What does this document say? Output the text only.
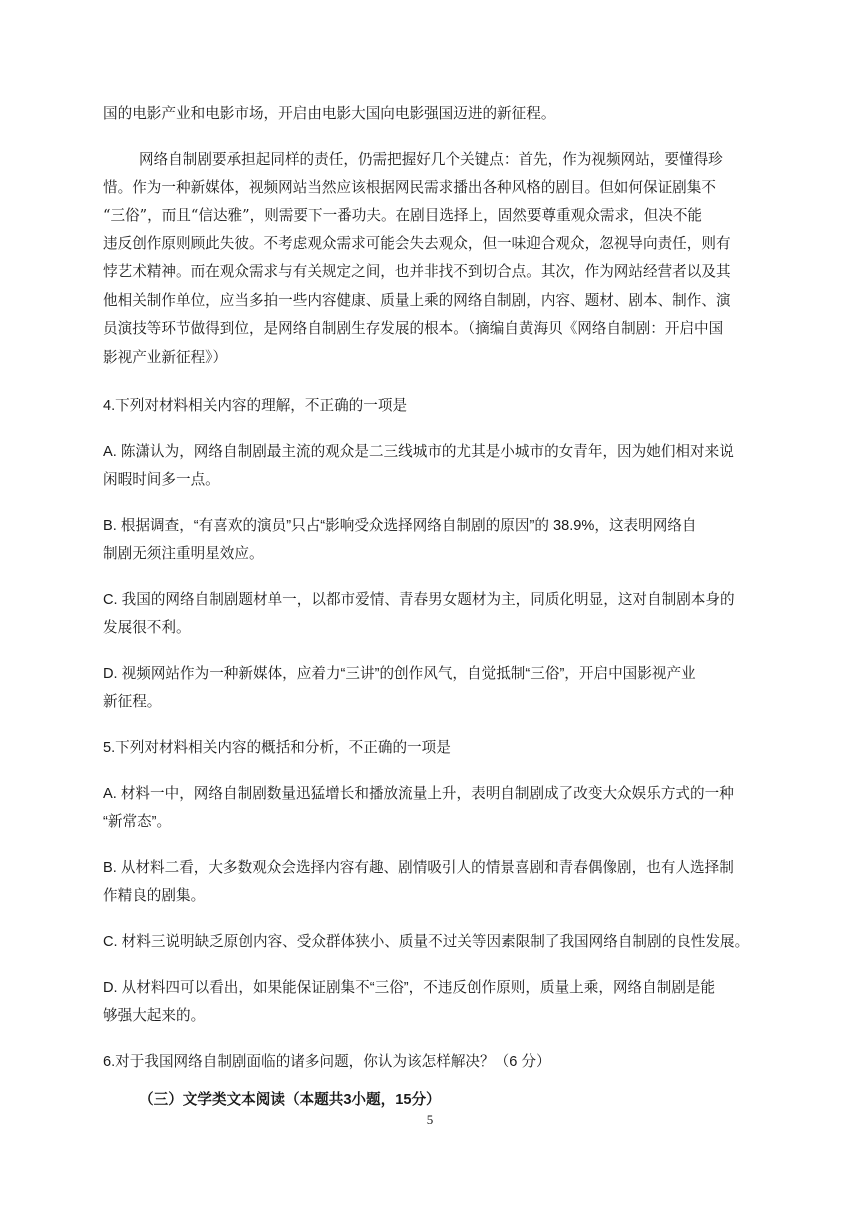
国的电影产业和电影市场，开启由电影大国向电影强国迈进的新征程。
网络自制剧要承担起同样的责任，仍需把握好几个关键点：首先，作为视频网站，要懂得珍
惜。作为一种新媒体，视频网站当然应该根据网民需求播出各种风格的剧目。但如何保证剧集不
“三俗”，而且“信达雅”，则需要下一番功夫。在剧目选择上，固然要尊重观众需求，但决不能
违反创作原则顾此失彼。不考虑观众需求可能会失去观众，但一味迎合观众，忽视导向责任，则有
悖艺术精神。而在观众需求与有关规定之间，也并非找不到切合点。其次，作为网站经营者以及其
他相关制作单位，应当多拍一些内容健康、质量上乘的网络自制剧，内容、题材、剧本、制作、演
员演技等环节做得到位，是网络自制剧生存发展的根本。（摘编自黄海贝《网络自制剧：开启中国
影视产业新征程》）
4.下列对材料相关内容的理解，不正确的一项是
A. 陈潇认为，网络自制剧最主流的观众是二三线城市的尤其是小城市的女青年，因为她们相对来说
闲暇时间多一点。
B. 根据调查，“有喜欢的演员”只占“影响受众选择网络自制剧的原因”的 38.9%，这表明网络自
制剧无须注重明星效应。
C. 我国的网络自制剧题材单一，以都市爱情、青春男女题材为主，同质化明显，这对自制剧本身的
发展很不利。
D. 视频网站作为一种新媒体，应着力“三讲”的创作风气，自觉抵制“三俗”，开启中国影视产业
新征程。
5.下列对材料相关内容的概括和分析，不正确的一项是
A. 材料一中，网络自制剧数量迅猛增长和播放流量上升，表明自制剧成了改变大众娱乐方式的一种
“新常态”。
B. 从材料二看，大多数观众会选择内容有趣、剧情吸引人的情景喜剧和青春偶像剧，也有人选择制
作精良的剧集。
C. 材料三说明缺乏原创内容、受众群体狭小、质量不过关等因素限制了我国网络自制剧的良性发展。
D. 从材料四可以看出，如果能保证剧集不“三俗”，不违反创作原则，质量上乘，网络自制剧是能
够强大起来的。
6.对于我国网络自制剧面临的诸多问题，你认为该怎样解决？（6 分）
（三）文学类文本阅读（本题共3小题，15分）
5
